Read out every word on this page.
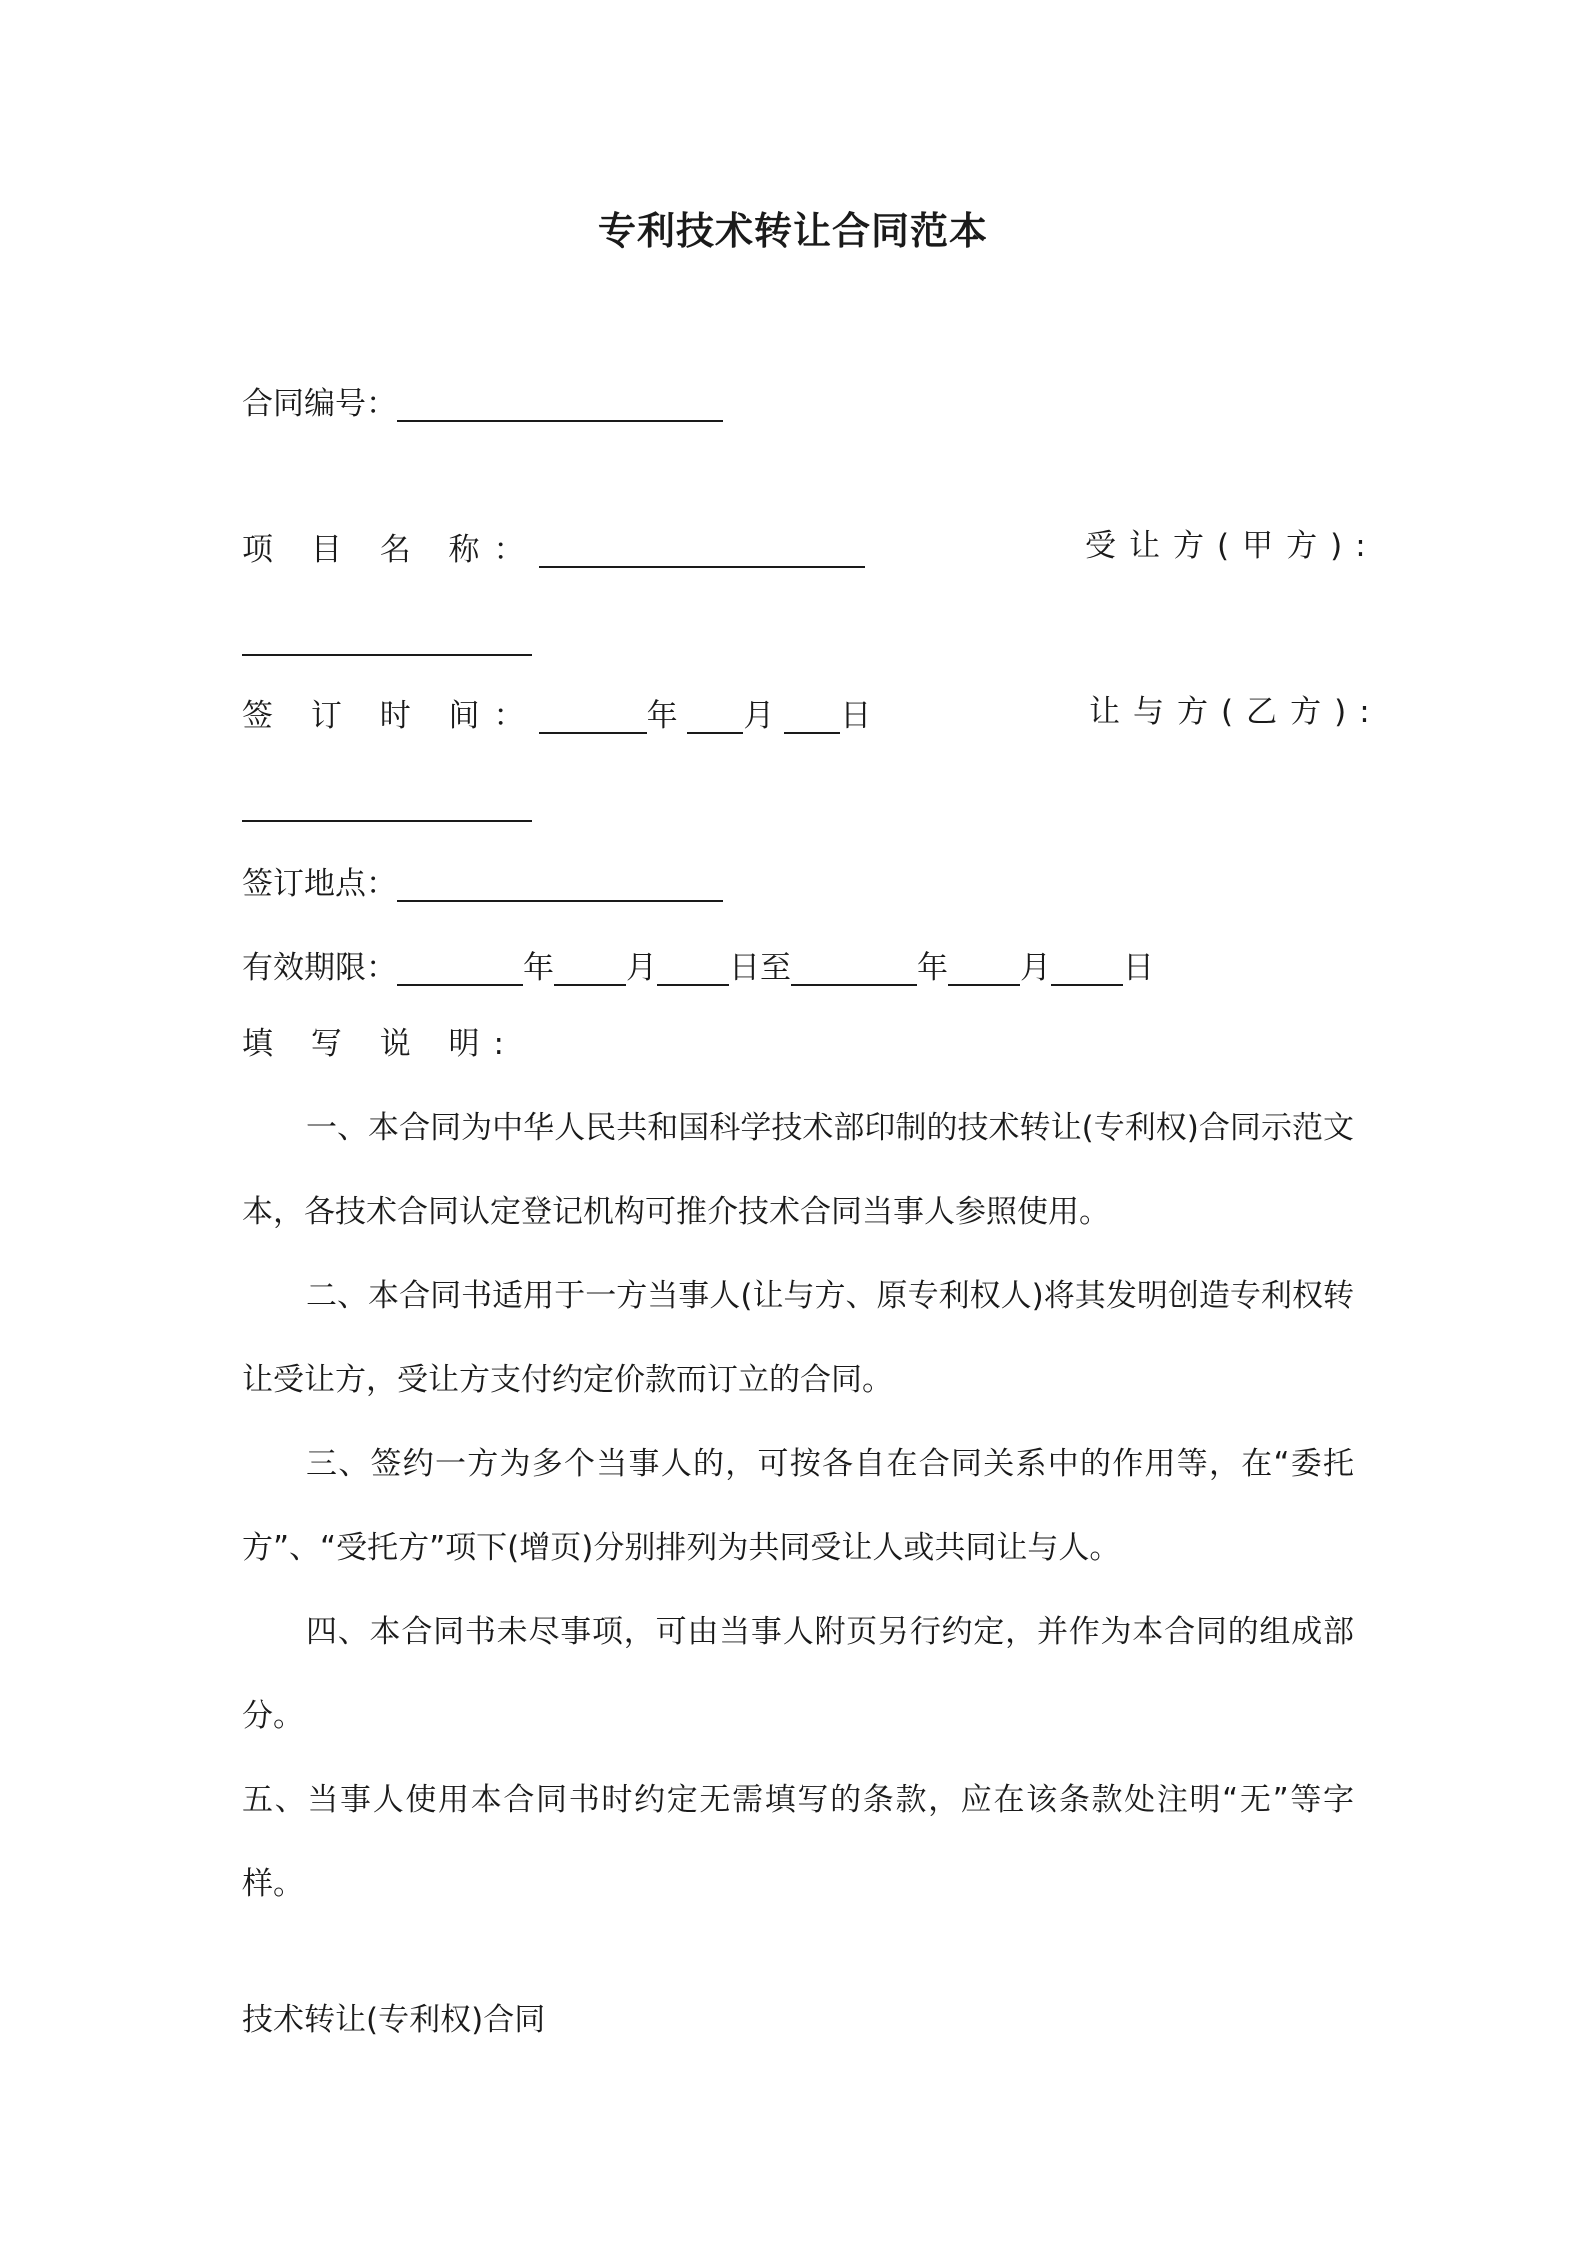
专利技术转让合同范本
合同编号：
项 目 名 称：	受让方(甲方):
签 订 时 间：	年 月 日	让与方(乙方):
签订地点：
有效期限：	年 月 日至	年 月 日
填 写 说 明:
一、本合同为中华人民共和国科学技术部印制的技术转让(专利权)合同示范文本，各技术合同认定登记机构可推介技术合同当事人参照使用。
二、本合同书适用于一方当事人(让与方、原专利权人)将其发明创造专利权转让受让方，受让方支付约定价款而订立的合同。
三、签约一方为多个当事人的，可按各自在合同关系中的作用等，在“委托方”、“受托方”项下(增页)分别排列为共同受让人或共同让与人。
四、本合同书未尽事项，可由当事人附页另行约定，并作为本合同的组成部分。
五、当事人使用本合同书时约定无需填写的条款，应在该条款处注明“无”等字样。
技术转让(专利权)合同
